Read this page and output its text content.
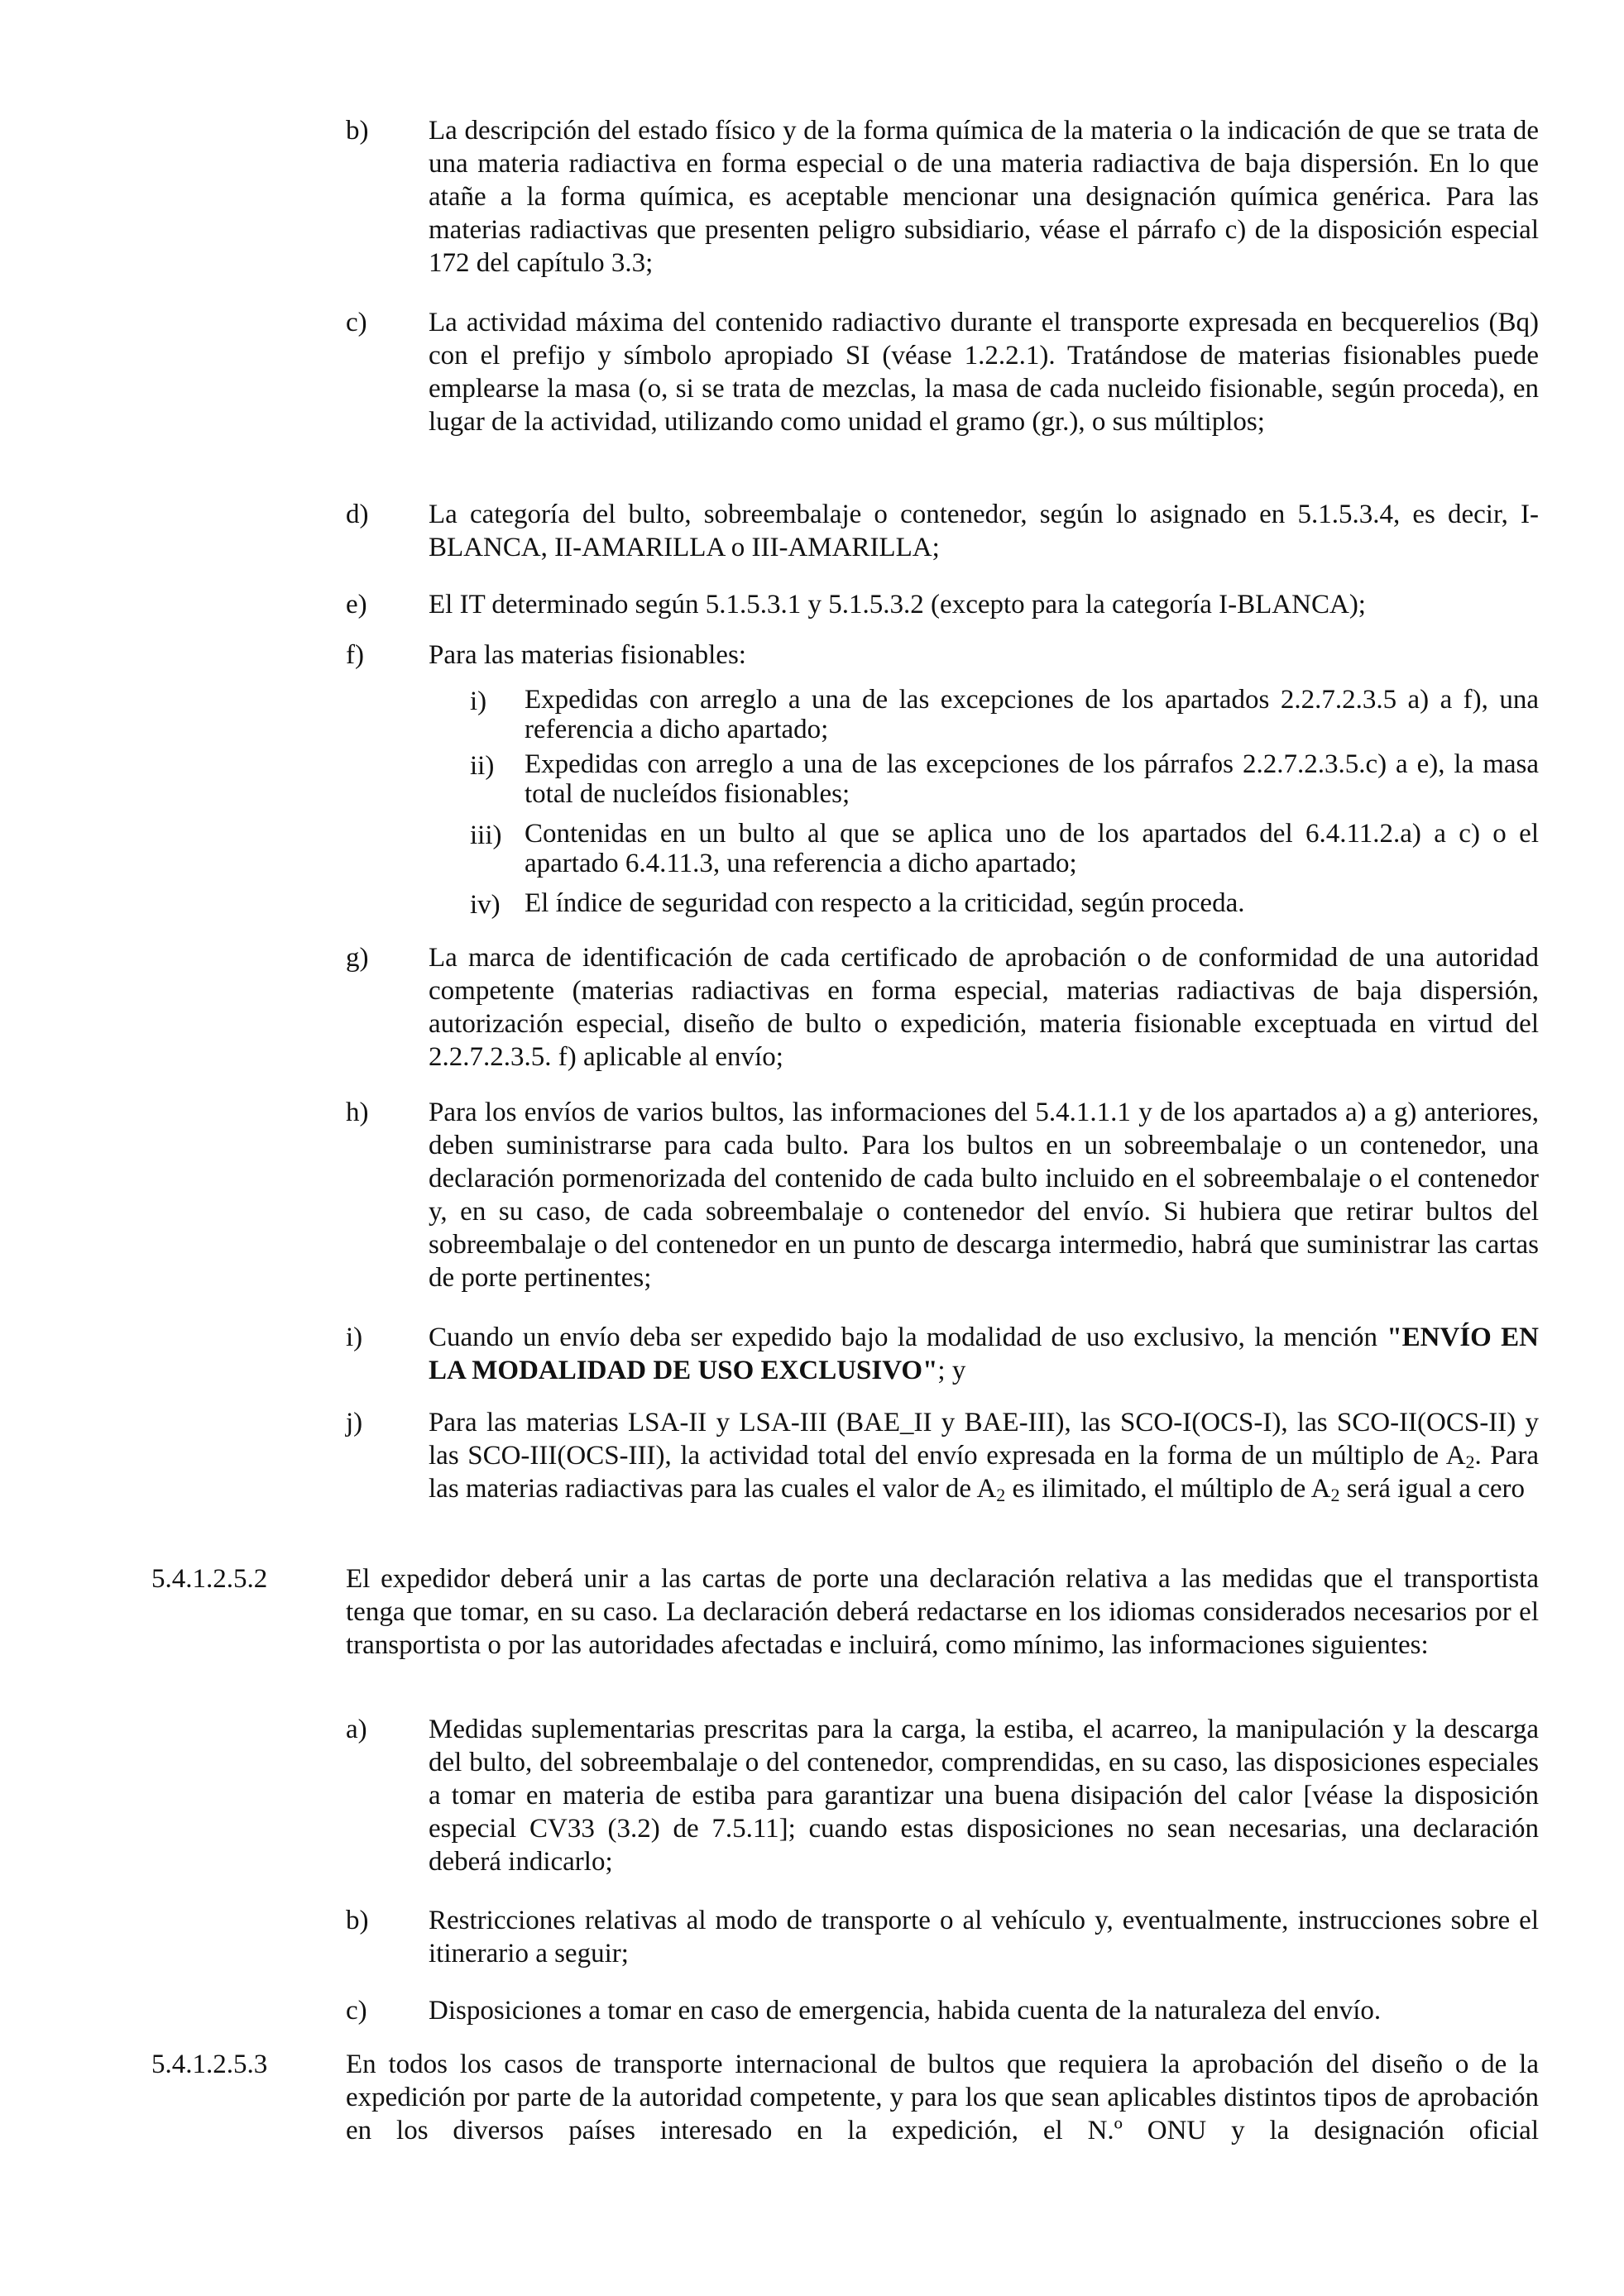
b) La descripción del estado físico y de la forma química de la materia o la indicación de que se trata de una materia radiactiva en forma especial o de una materia radiactiva de baja dispersión. En lo que atañe a la forma química, es aceptable mencionar una designación química genérica. Para las materias radiactivas que presenten peligro subsidiario, véase el párrafo c) de la disposición especial 172 del capítulo 3.3;
c) La actividad máxima del contenido radiactivo durante el transporte expresada en becquerelios (Bq) con el prefijo y símbolo apropiado SI (véase 1.2.2.1). Tratándose de materias fisionables puede emplearse la masa (o, si se trata de mezclas, la masa de cada nucleido fisionable, según proceda), en lugar de la actividad, utilizando como unidad el gramo (gr.), o sus múltiplos;
d) La categoría del bulto, sobreembalaje o contenedor, según lo asignado en 5.1.5.3.4, es decir, I-BLANCA, II-AMARILLA o III-AMARILLA;
e) El IT determinado según 5.1.5.3.1 y 5.1.5.3.2 (excepto para la categoría I-BLANCA);
f) Para las materias fisionables:
i) Expedidas con arreglo a una de las excepciones de los apartados 2.2.7.2.3.5 a) a f), una referencia a dicho apartado;
ii) Expedidas con arreglo a una de las excepciones de los párrafos 2.2.7.2.3.5.c) a e), la masa total de nucleídos fisionables;
iii) Contenidas en un bulto al que se aplica uno de los apartados del 6.4.11.2.a) a c) o el apartado 6.4.11.3, una referencia a dicho apartado;
iv) El índice de seguridad con respecto a la criticidad, según proceda.
g) La marca de identificación de cada certificado de aprobación o de conformidad de una autoridad competente (materias radiactivas en forma especial, materias radiactivas de baja dispersión, autorización especial, diseño de bulto o expedición, materia fisionable exceptuada en virtud del 2.2.7.2.3.5. f) aplicable al envío;
h) Para los envíos de varios bultos, las informaciones del 5.4.1.1.1 y de los apartados a) a g) anteriores, deben suministrarse para cada bulto. Para los bultos en un sobreembalaje o un contenedor, una declaración pormenorizada del contenido de cada bulto incluido en el sobreembalaje o el contenedor y, en su caso, de cada sobreembalaje o contenedor del envío. Si hubiera que retirar bultos del sobreembalaje o del contenedor en un punto de descarga intermedio, habrá que suministrar las cartas de porte pertinentes;
i) Cuando un envío deba ser expedido bajo la modalidad de uso exclusivo, la mención "ENVÍO EN LA MODALIDAD DE USO EXCLUSIVO"; y
j) Para las materias LSA-II y LSA-III (BAE_II y BAE-III), las SCO-I(OCS-I), las SCO-II(OCS-II) y las SCO-III(OCS-III), la actividad total del envío expresada en la forma de un múltiplo de $A_2$. Para las materias radiactivas para las cuales el valor de $A_2$ es ilimitado, el múltiplo de $A_2$ será igual a cero
5.4.1.2.5.2	El expedidor deberá unir a las cartas de porte una declaración relativa a las medidas que el transportista tenga que tomar, en su caso. La declaración deberá redactarse en los idiomas considerados necesarios por el transportista o por las autoridades afectadas e incluirá, como mínimo, las informaciones siguientes:
a) Medidas suplementarias prescritas para la carga, la estiba, el acarreo, la manipulación y la descarga del bulto, del sobreembalaje o del contenedor, comprendidas, en su caso, las disposiciones especiales a tomar en materia de estiba para garantizar una buena disipación del calor [véase la disposición especial CV33 (3.2) de 7.5.11]; cuando estas disposiciones no sean necesarias, una declaración deberá indicarlo;
b) Restricciones relativas al modo de transporte o al vehículo y, eventualmente, instrucciones sobre el itinerario a seguir;
c) Disposiciones a tomar en caso de emergencia, habida cuenta de la naturaleza del envío.
5.4.1.2.5.3	En todos los casos de transporte internacional de bultos que requiera la aprobación del diseño o de la expedición por parte de la autoridad competente, y para los que sean aplicables distintos tipos de aprobación en los diversos países interesado en la expedición, el N.º ONU y la designación oficial
